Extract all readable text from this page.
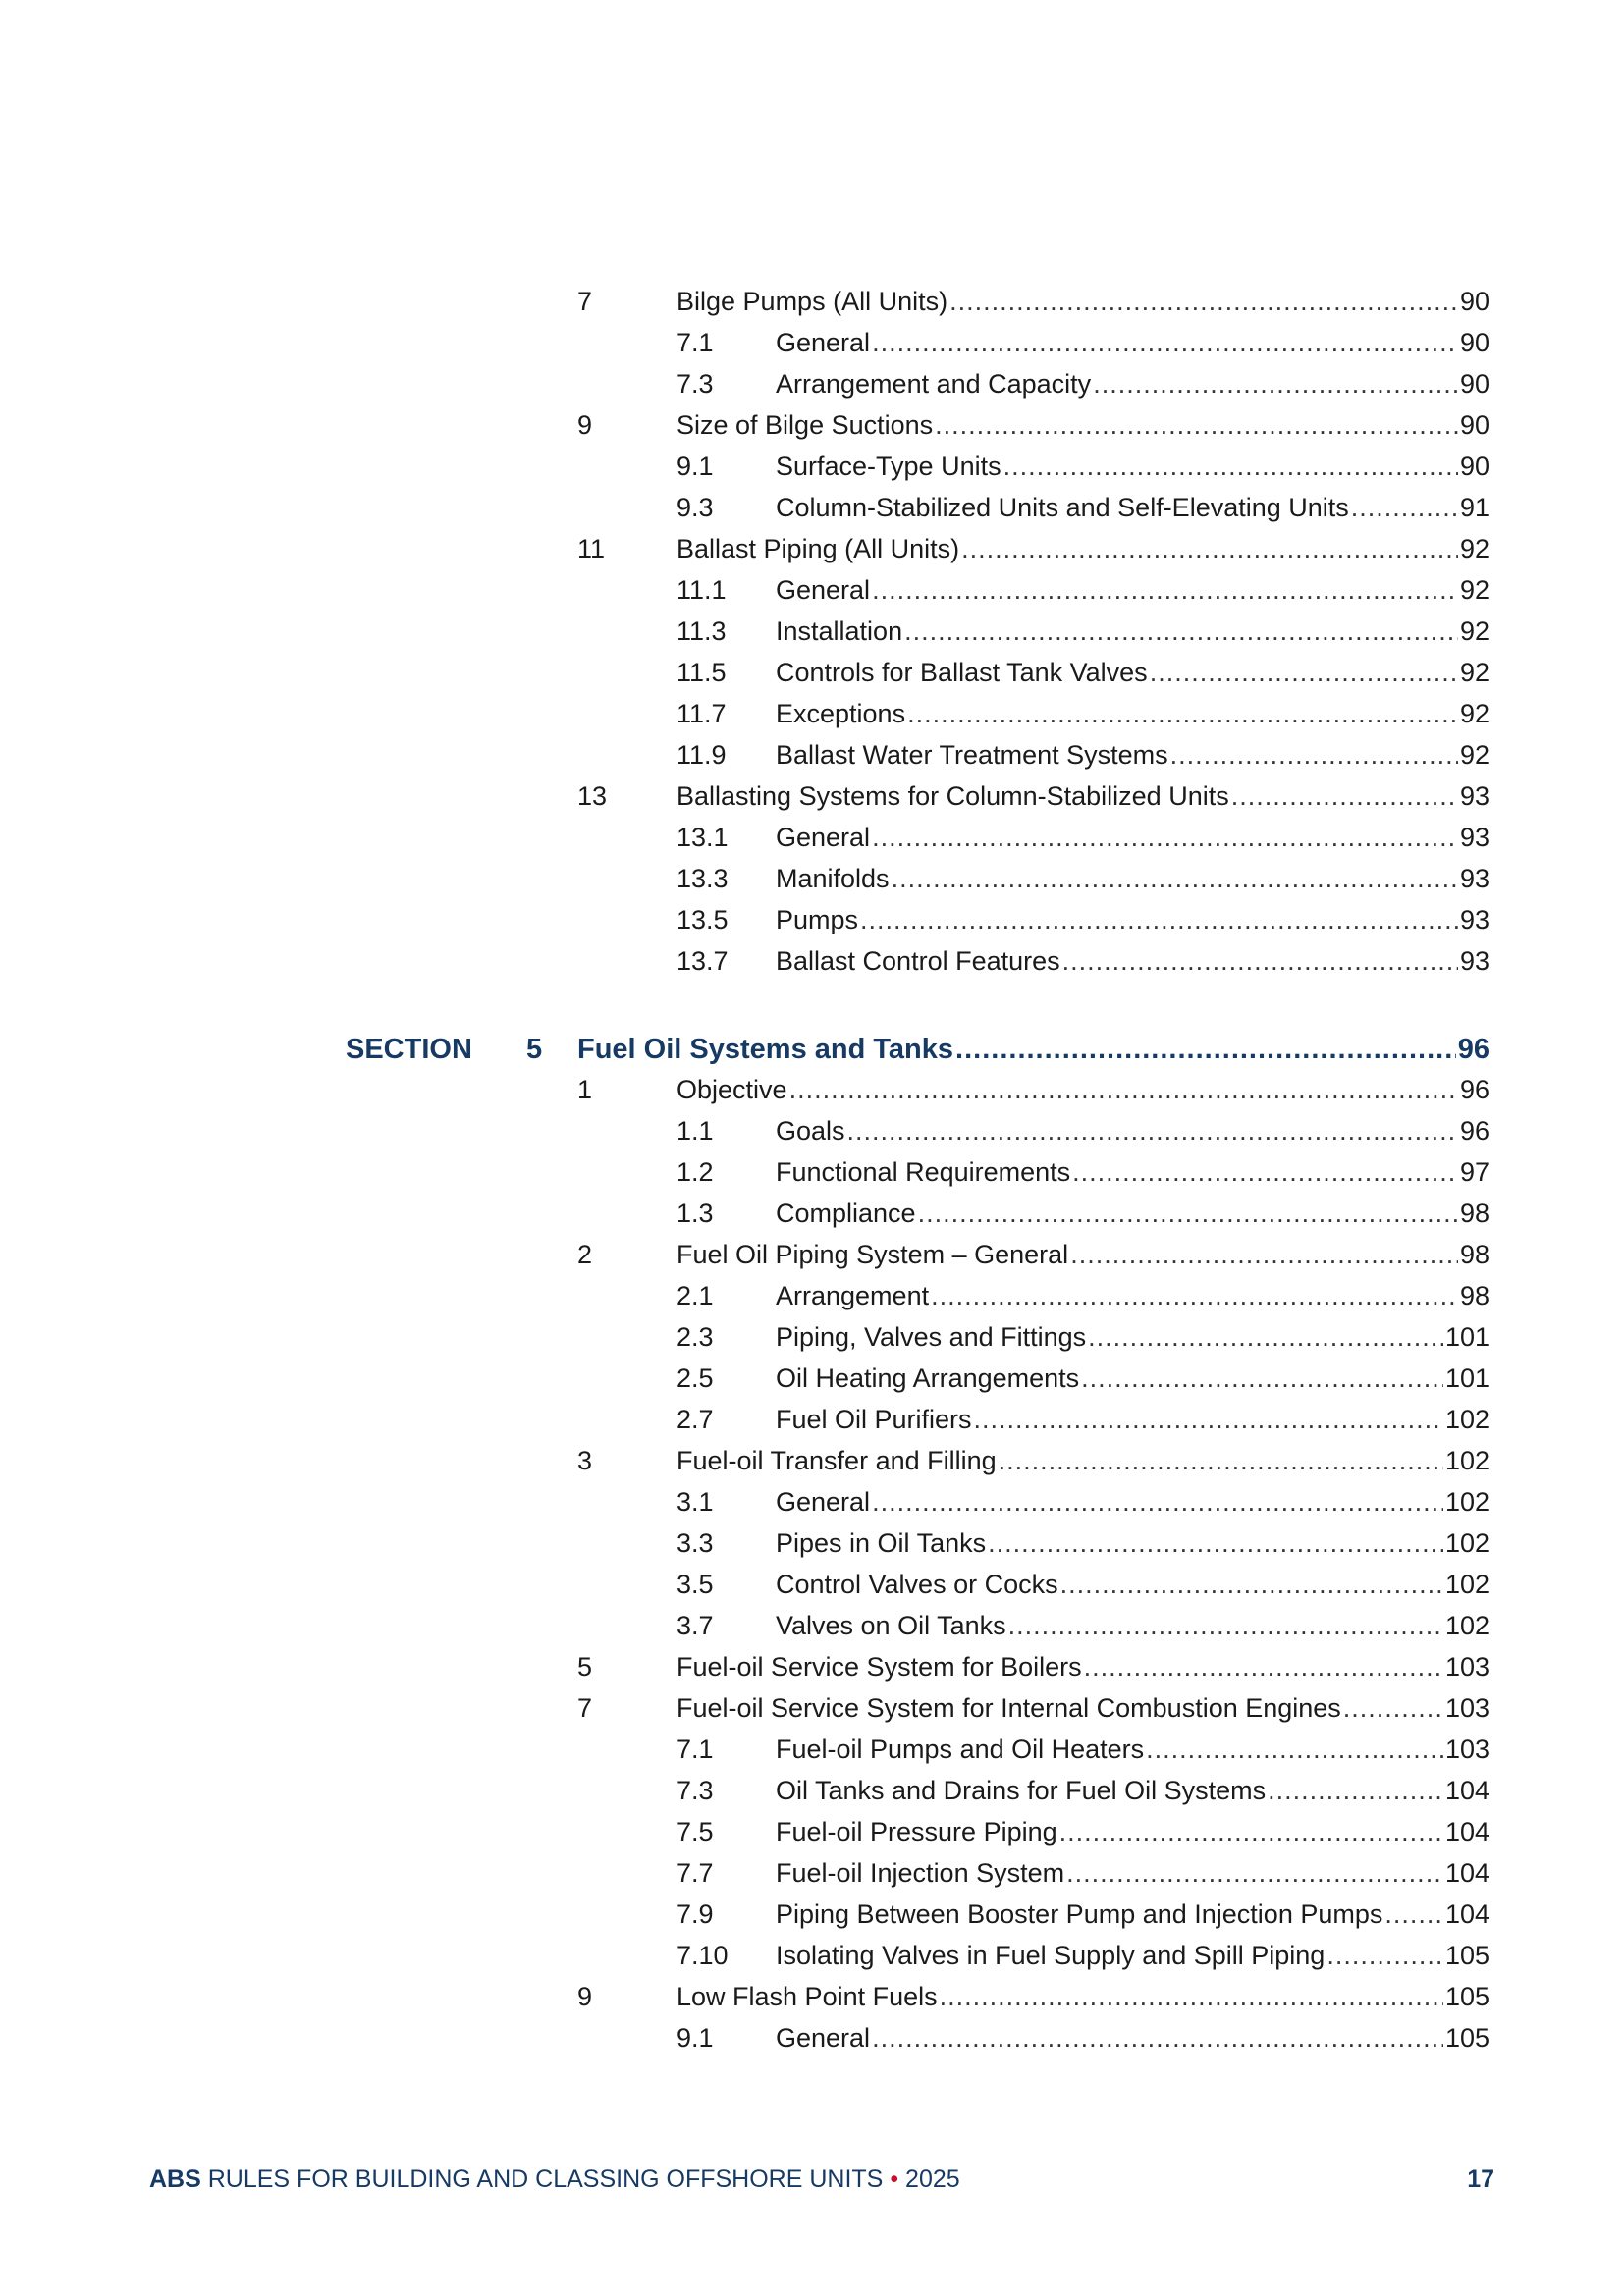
7	Bilge Pumps (All Units) .....	90
7.1 General .....	90
7.3 Arrangement and Capacity .....	90
9	Size of Bilge Suctions .....	90
9.1 Surface-Type Units .....	90
9.3 Column-Stabilized Units and Self-Elevating Units .....	91
11	Ballast Piping (All Units) .....	92
11.1 General .....	92
11.3 Installation .....	92
11.5 Controls for Ballast Tank Valves .....	92
11.7 Exceptions .....	92
11.9 Ballast Water Treatment Systems .....	92
13	Ballasting Systems for Column-Stabilized Units .....	93
13.1 General .....	93
13.3 Manifolds .....	93
13.5 Pumps .....	93
13.7 Ballast Control Features .....	93
SECTION 5 Fuel Oil Systems and Tanks .....	96
1	Objective .....	96
1.1 Goals .....	96
1.2 Functional Requirements .....	97
1.3 Compliance .....	98
2	Fuel Oil Piping System – General .....	98
2.1 Arrangement .....	98
2.3 Piping, Valves and Fittings .....	101
2.5 Oil Heating Arrangements .....	101
2.7 Fuel Oil Purifiers .....	102
3	Fuel-oil Transfer and Filling .....	102
3.1 General .....	102
3.3 Pipes in Oil Tanks .....	102
3.5 Control Valves or Cocks .....	102
3.7 Valves on Oil Tanks .....	102
5	Fuel-oil Service System for Boilers .....	103
7	Fuel-oil Service System for Internal Combustion Engines .....	103
7.1 Fuel-oil Pumps and Oil Heaters .....	103
7.3 Oil Tanks and Drains for Fuel Oil Systems .....	104
7.5 Fuel-oil Pressure Piping .....	104
7.7 Fuel-oil Injection System .....	104
7.9 Piping Between Booster Pump and Injection Pumps ..... 104
7.10 Isolating Valves in Fuel Supply and Spill Piping .....	105
9	Low Flash Point Fuels .....	105
9.1 General .....	105
ABS RULES FOR BUILDING AND CLASSING OFFSHORE UNITS • 2025	17
